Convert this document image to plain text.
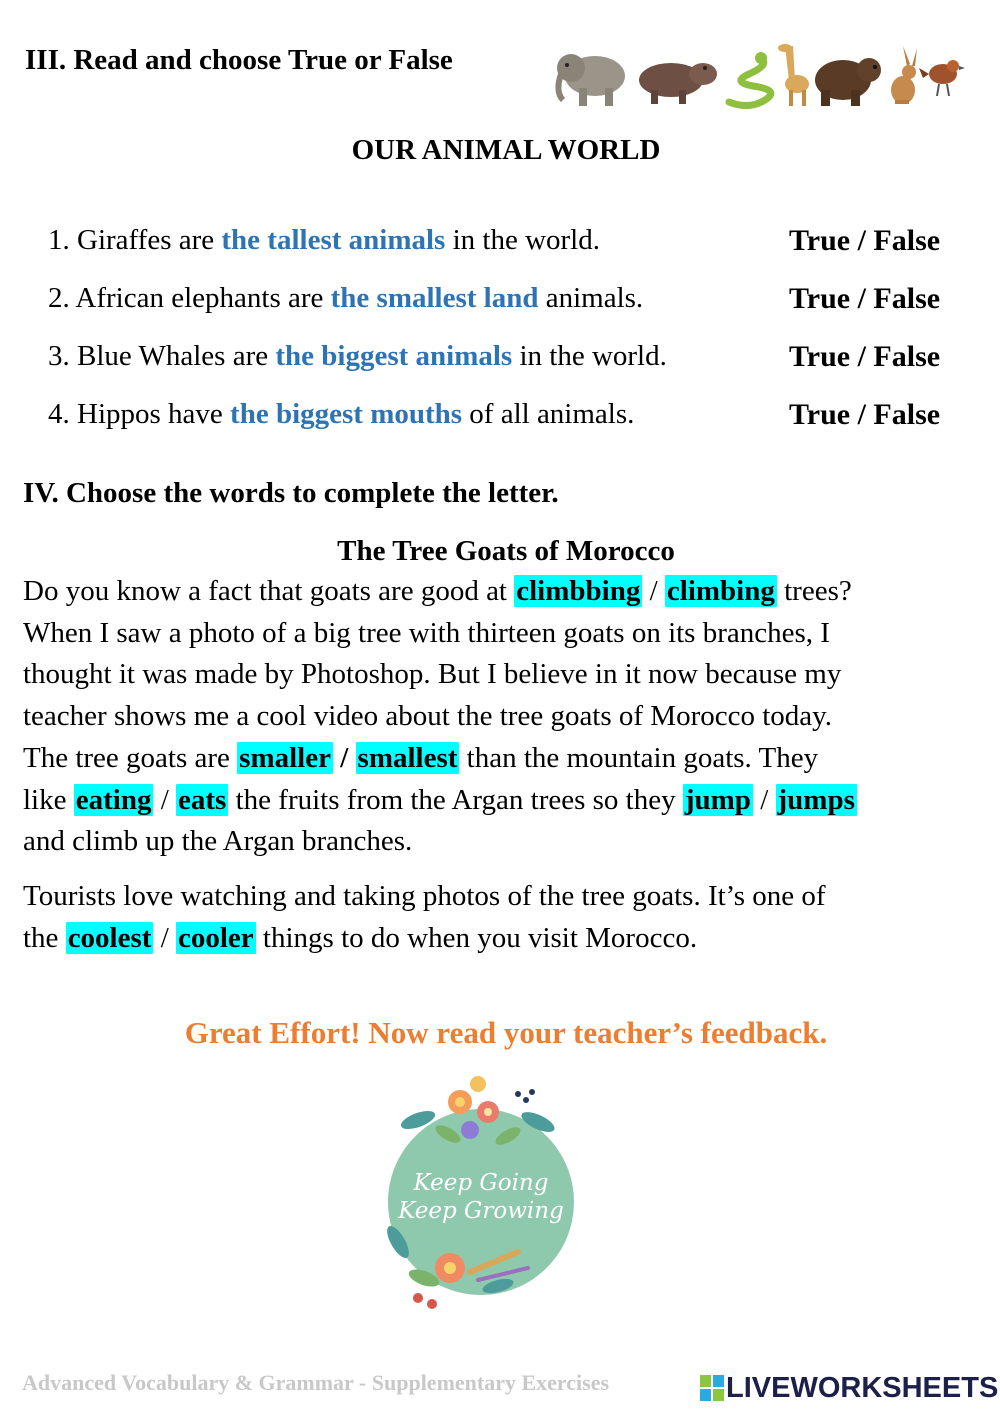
III. Read and choose True or False
OUR ANIMAL WORLD
1. Giraffes are the tallest animals in the world.	True / False
2. African elephants are the smallest land animals.	True / False
3. Blue Whales are the biggest animals in the world.	True / False
4. Hippos have the biggest mouths of all animals.	True / False
IV. Choose the words to complete the letter.
The Tree Goats of Morocco
Do you know a fact that goats are good at climbbing / climbing trees?
When I saw a photo of a big tree with thirteen goats on its branches, I
thought it was made by Photoshop. But I believe in it now because my
teacher shows me a cool video about the tree goats of Morocco today.
The tree goats are smaller / smallest than the mountain goats. They
like eating / eats the fruits from the Argan trees so they jump / jumps
and climb up the Argan branches.
Tourists love watching and taking photos of the tree goats. It’s one of
the coolest / cooler things to do when you visit Morocco.
Great Effort! Now read your teacher’s feedback.
Keep Going
Keep Growing
Advanced Vocabulary & Grammar - Supplementary Exercises	LIVEWORKSHEETS
